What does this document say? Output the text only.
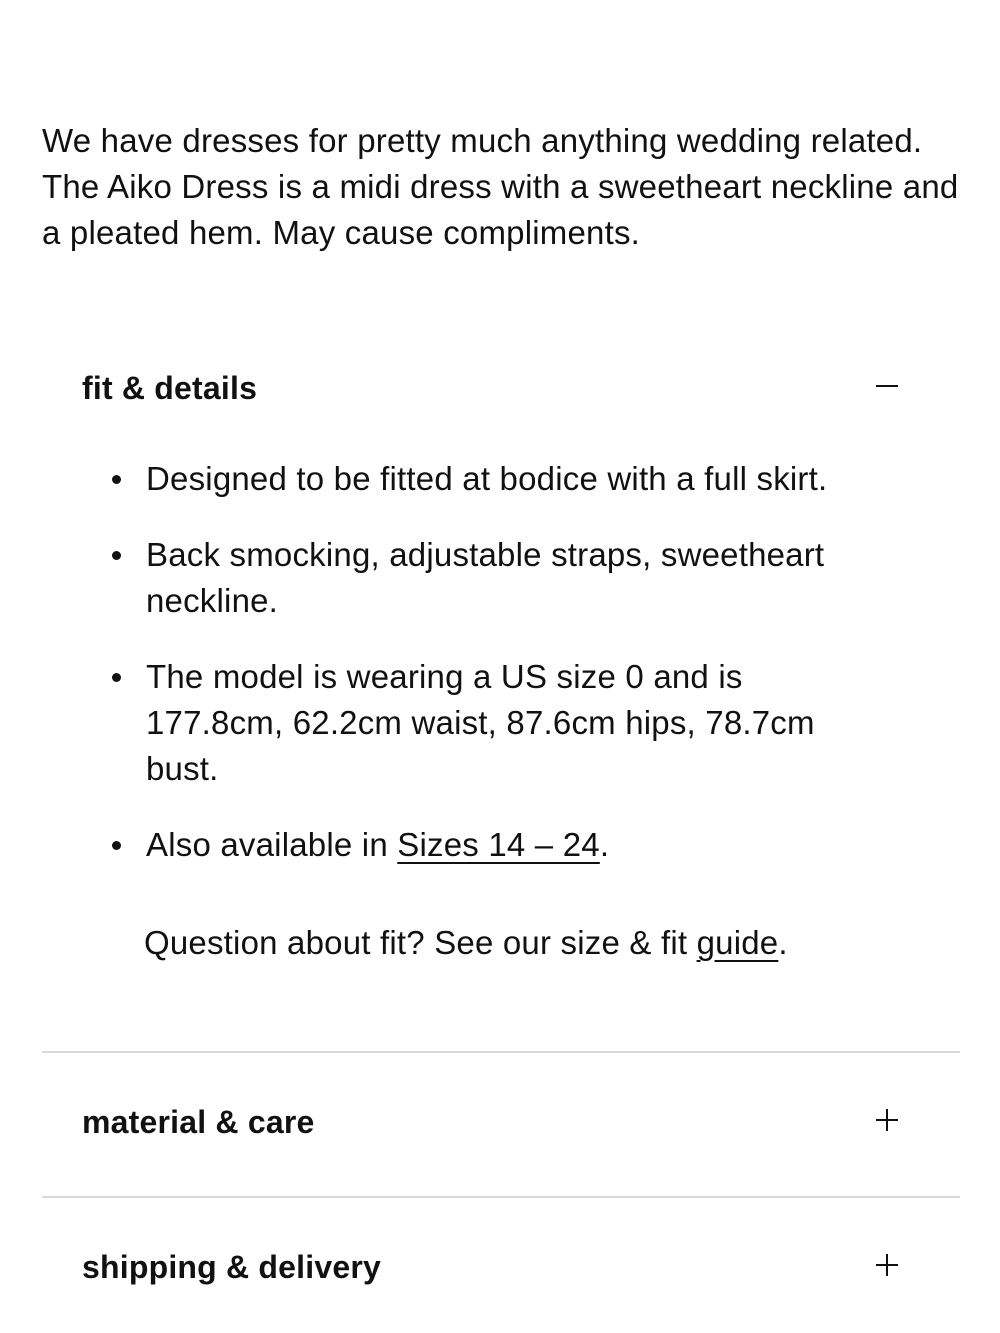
We have dresses for pretty much anything wedding related. The Aiko Dress is a midi dress with a sweetheart neckline and a pleated hem. May cause compliments.

fit & details
Designed to be fitted at bodice with a full skirt.
Back smocking, adjustable straps, sweetheart neckline.
The model is wearing a US size 0 and is 177.8cm, 62.2cm waist, 87.6cm hips, 78.7cm bust.
Also available in Sizes 14 – 24.
Question about fit? See our size & fit guide.
material & care
shipping & delivery
